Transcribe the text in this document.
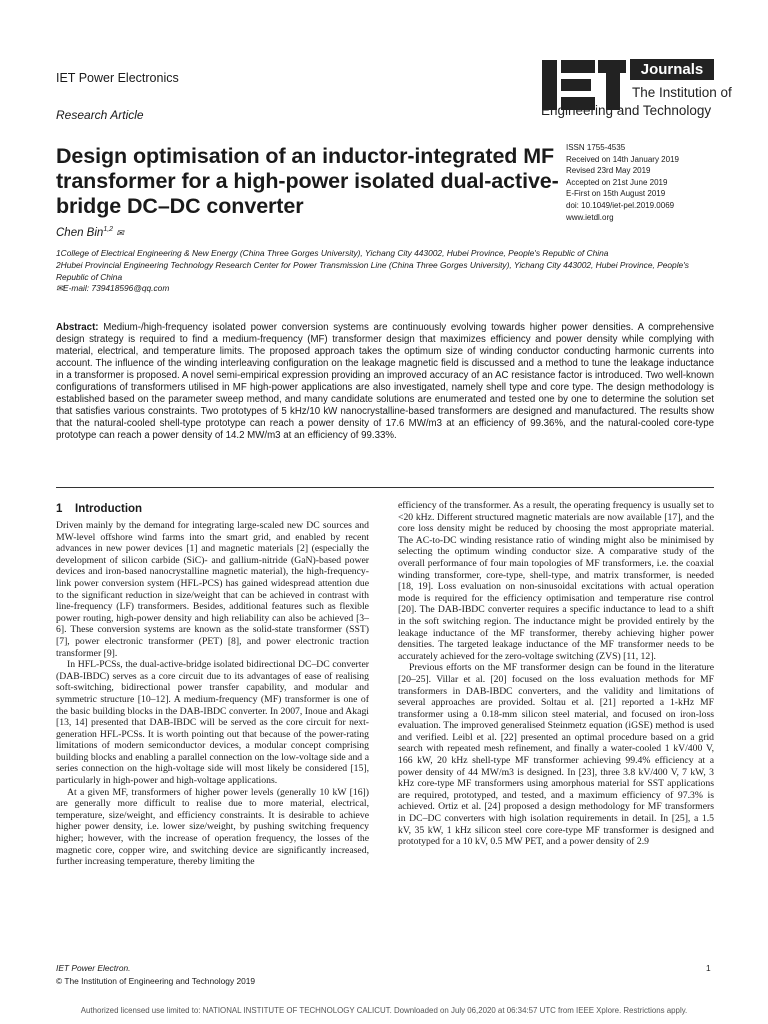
IET Power Electronics
Research Article
Journals
The Institution of
Engineering and Technology
Design optimisation of an inductor-integrated MF transformer for a high-power isolated dual-active-bridge DC–DC converter
ISSN 1755-4535
Received on 14th January 2019
Revised 23rd May 2019
Accepted on 21st June 2019
E-First on 15th August 2019
doi: 10.1049/iet-pel.2019.0069
www.ietdl.org
Chen Bin$^{1,2}$ ✉

1College of Electrical Engineering & New Energy (China Three Gorges University), Yichang City 443002, Hubei Province, People's Republic of China

2Hubei Provincial Engineering Technology Research Center for Power Transmission Line (China Three Gorges University), Yichang City 443002, Hubei Province, People's Republic of China

✉E-mail: 739418596@qq.com

Abstract: Medium-/high-frequency isolated power conversion systems are continuously evolving towards higher power densities. A comprehensive design strategy is required to find a medium-frequency (MF) transformer design that maximizes efficiency and power density while complying with material, electrical, and temperature limits. The proposed approach takes the optimum size of winding conductor conducting harmonic currents into account. The influence of the winding interleaving configuration on the leakage magnetic field is discussed and a method to tune the leakage inductance in a transformer is proposed. A novel semi-empirical expression providing an improved accuracy of an AC resistance factor is introduced. Two well-known configurations of transformers utilised in MF high-power applications are also investigated, namely shell type and core type. The design methodology is established based on the parameter sweep method, and many candidate solutions are enumerated and tested one by one to determine the solution set that satisfies various constraints. Two prototypes of 5 kHz/10 kW nanocrystalline-based transformers are designed and manufactured. The results show that the natural-cooled shell-type prototype can reach a power density of 17.6 MW/m3 at an efficiency of 99.36%, and the natural-cooled core-type prototype can reach a power density of 14.2 MW/m3 at an efficiency of 99.33%.
1 Introduction

Driven mainly by the demand for integrating large-scaled new DC sources and MW-level offshore wind farms into the smart grid, and enabled by recent advances in new power devices [1] and magnetic materials [2] (especially the development of silicon carbide (SiC)- and gallium-nitride (GaN)-based power devices and iron-based nanocrystalline magnetic material), the high-frequency-link power conversion system (HFL-PCS) has gained widespread attention due to the significant reduction in size/weight that can be achieved in contrast with line-frequency (LF) transformers. Besides, additional features such as flexible power routing, high-power density and high reliability can also be achieved [3–6]. These conversion systems are known as the solid-state transformer (SST) [7], power electronic transformer (PET) [8], and power electronic traction transformer [9].

In HFL-PCSs, the dual-active-bridge isolated bidirectional DC–DC converter (DAB-IBDC) serves as a core circuit due to its advantages of ease of realising soft-switching, bidirectional power transfer capability, and modular and symmetric structure [10–12]. A medium-frequency (MF) transformer is one of the basic building blocks in the DAB-IBDC converter. In 2007, Inoue and Akagi [13, 14] presented that DAB-IBDC will be served as the core circuit for next-generation HFL-PCSs. It is worth pointing out that because of the power-rating limitations of modern semiconductor devices, a modular concept comprising building blocks and enabling a parallel connection on the low-voltage side and a series connection on the high-voltage side will most likely be considered [15], particularly in high-power and high-voltage applications.

At a given MF, transformers of higher power levels (generally 10 kW [16]) are generally more difficult to realise due to more material, electrical, temperature, size/weight, and efficiency constraints. It is desirable to achieve higher power density, i.e. lower size/weight, by pushing switching frequency higher; however, with the increase of operation frequency, the losses of the magnetic core, copper wire, and switching device are significantly increased, further increasing temperature, thereby limiting the

efficiency of the transformer. As a result, the operating frequency is usually set to <20 kHz. Different structured magnetic materials are now available [17], and the core loss density might be reduced by choosing the most appropriate material. The AC-to-DC winding resistance ratio of winding might also be minimised by selecting the optimum winding conductor size. A comparative study of the overall performance of four main topologies of MF transformers, i.e. the coaxial winding transformer, core-type, shell-type, and matrix transformer, is needed [18, 19]. Loss evaluation on non-sinusoidal excitations with actual operation mode is required for the efficiency optimisation and temperature rise control [20]. The DAB-IBDC converter requires a specific inductance to lead to a shift in the soft switching region. The inductance might be provided entirely by the leakage inductance of the MF transformer, thereby achieving higher power densities. The targeted leakage inductance of the MF transformer needs to be accurately achieved for the zero-voltage switching (ZVS) [11, 12].

Previous efforts on the MF transformer design can be found in the literature [20–25]. Villar et al. [20] focused on the loss evaluation methods for MF transformers in DAB-IBDC converters, and the validity and limitations of several approaches are provided. Soltau et al. [21] reported a 1-kHz MF transformer using a 0.18-mm silicon steel material, and focused on iron-loss evaluation. The improved generalised Steinmetz equation (iGSE) method is used and verified. Leibl et al. [22] presented an optimal procedure based on a grid search with repeated mesh refinement, and finally a water-cooled 1 kV/400 V, 166 kW, 20 kHz shell-type MF transformer achieving 99.4% efficiency at a power density of 44 MW/m3 is designed. In [23], three 3.8 kV/400 V, 7 kW, 3 kHz core-type MF transformers using amorphous material for SST applications are required, prototyped, and tested, and a maximum efficiency of 97.3% is achieved. Ortiz et al. [24] proposed a design methodology for MF transformers in DC–DC converters with high isolation requirements in detail. In [25], a 1.5 kV, 35 kW, 1 kHz silicon steel core core-type MF transformer is designed and prototyped for a 10 kV, 0.5 MW PET, and a power density of 2.9

IET Power Electron.
© The Institution of Engineering and Technology 2019
1
Authorized licensed use limited to: NATIONAL INSTITUTE OF TECHNOLOGY CALICUT. Downloaded on July 06,2020 at 06:34:57 UTC from IEEE Xplore. Restrictions apply.
